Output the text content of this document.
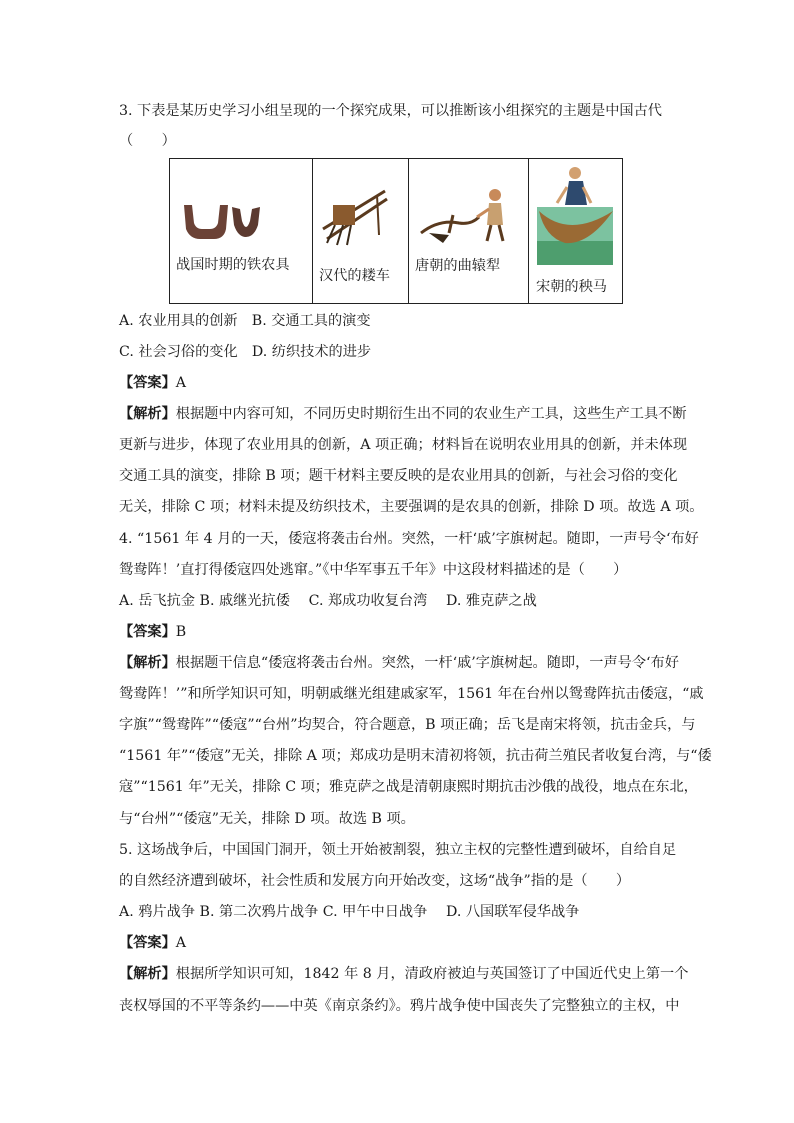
3. 下表是某历史学习小组呈现的一个探究成果，可以推断该小组探究的主题是中国古代
（　　）
战国时期的铁农具
汉代的耧车
唐朝的曲辕犁
宋朝的秧马
A. 农业用具的创新　B. 交通工具的演变
C. 社会习俗的变化　D. 纺织技术的进步
【答案】A
【解析】根据题中内容可知，不同历史时期衍生出不同的农业生产工具，这些生产工具不断
更新与进步，体现了农业用具的创新，A 项正确；材料旨在说明农业用具的创新，并未体现
交通工具的演变，排除 B 项；题干材料主要反映的是农业用具的创新，与社会习俗的变化
无关，排除 C 项；材料未提及纺织技术，主要强调的是农具的创新，排除 D 项。故选 A 项。
4. “1561 年 4 月的一天，倭寇将袭击台州。突然，一杆‘戚’字旗树起。随即，一声号令‘布好
鸳鸯阵！’直打得倭寇四处逃窜。”《中华军事五千年》中这段材料描述的是（　　）
A. 岳飞抗金 B. 戚继光抗倭　 C. 郑成功收复台湾　 D. 雅克萨之战
【答案】B
【解析】根据题干信息“倭寇将袭击台州。突然，一杆‘戚’字旗树起。随即，一声号令‘布好
鸳鸯阵！’”和所学知识可知，明朝戚继光组建戚家军，1561 年在台州以鸳鸯阵抗击倭寇，“戚
字旗”“鸳鸯阵”“倭寇”“台州”均契合，符合题意，B 项正确；岳飞是南宋将领，抗击金兵，与
“1561 年”“倭寇”无关，排除 A 项；郑成功是明末清初将领，抗击荷兰殖民者收复台湾，与“倭
寇”“1561 年”无关，排除 C 项；雅克萨之战是清朝康熙时期抗击沙俄的战役，地点在东北，
与“台州”“倭寇”无关，排除 D 项。故选 B 项。
5. 这场战争后，中国国门洞开，领土开始被割裂，独立主权的完整性遭到破坏，自给自足
的自然经济遭到破坏，社会性质和发展方向开始改变，这场“战争”指的是（　　）
A. 鸦片战争 B. 第二次鸦片战争 C. 甲午中日战争　 D. 八国联军侵华战争
【答案】A
【解析】根据所学知识可知，1842 年 8 月，清政府被迫与英国签订了中国近代史上第一个
丧权辱国的不平等条约——中英《南京条约》。鸦片战争使中国丧失了完整独立的主权，中
